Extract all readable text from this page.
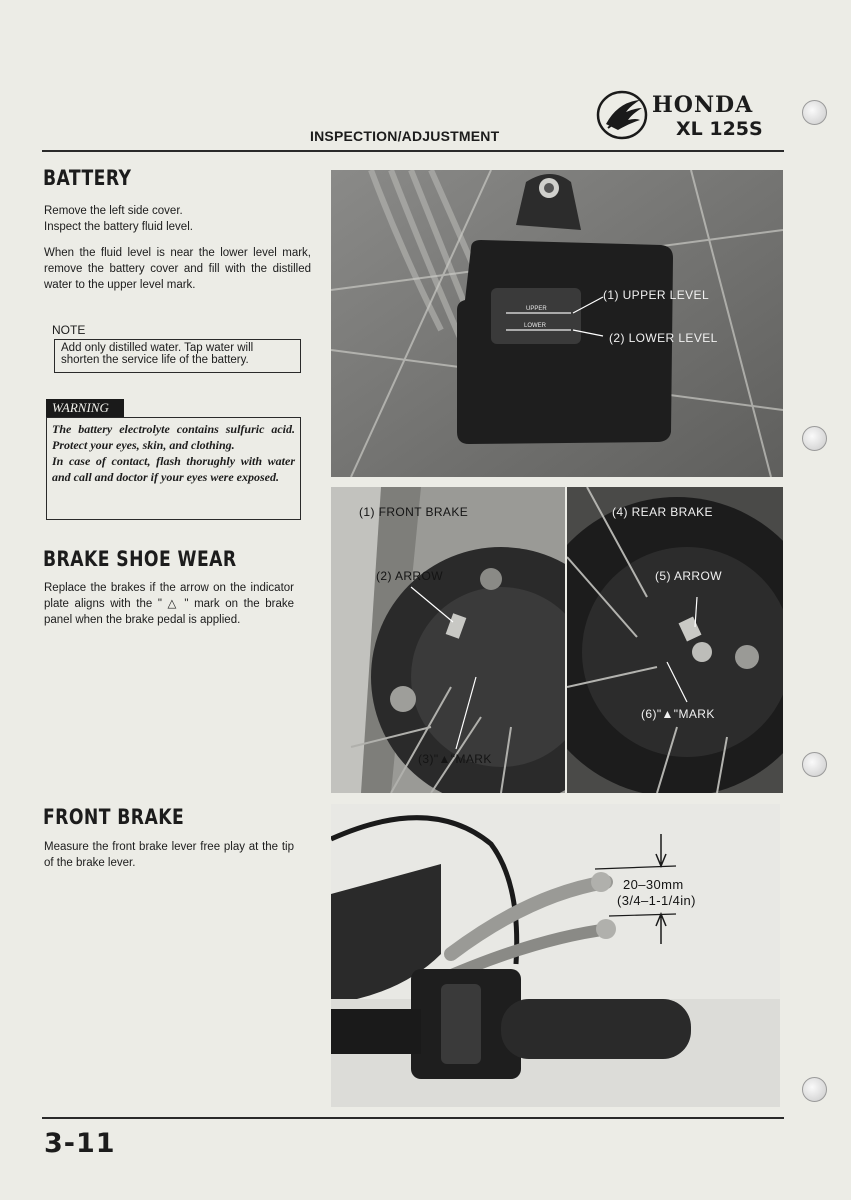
INSPECTION/ADJUSTMENT
HONDA
XL 125S
BATTERY
Remove the left side cover.
Inspect the battery fluid level.
When the fluid level is near the lower level mark, remove the battery cover and fill with the distilled water to the upper level mark.
NOTE
Add only distilled water. Tap water will shorten the service life of the battery.
WARNING
The battery electrolyte contains sulfuric acid. Protect your eyes, skin, and clothing.
In case of contact, flash thorughly with water and call and doctor if your eyes were exposed.
UPPER
LOWER
(1) UPPER LEVEL
(2) LOWER LEVEL
BRAKE SHOE WEAR
Replace the brakes if the arrow on the indicator plate aligns with the " △ " mark on the brake panel when the brake pedal is applied.
(1) FRONT BRAKE
(2) ARROW
(3)"▲"MARK
(4) REAR BRAKE
(5) ARROW
(6)"▲"MARK
FRONT BRAKE
Measure the front brake lever free play at the tip of the brake lever.
20–30mm
(3/4–1-1/4in)
3-11
